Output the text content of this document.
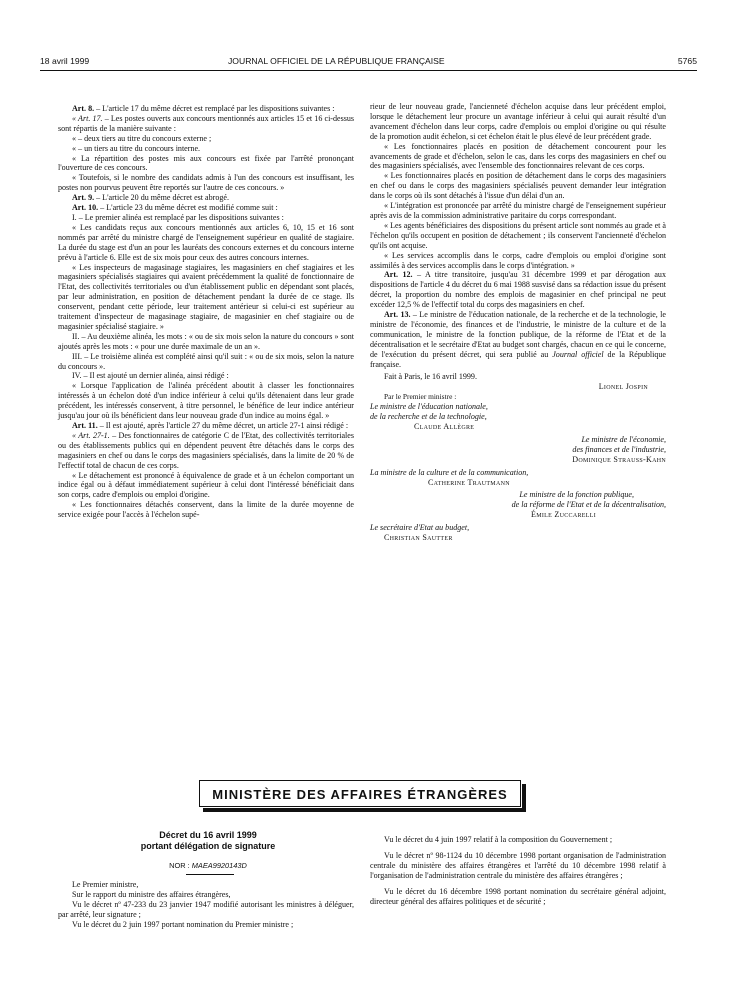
18 avril 1999	JOURNAL OFFICIEL DE LA RÉPUBLIQUE FRANÇAISE	5765

Art. 8. – L'article 17 du même décret est remplacé par les dispositions suivantes :

« Art. 17. – Les postes ouverts aux concours mentionnés aux articles 15 et 16 ci-dessus sont répartis de la manière suivante :

« – deux tiers au titre du concours externe ;

« – un tiers au titre du concours interne.

« La répartition des postes mis aux concours est fixée par l'arrêté prononçant l'ouverture de ces concours.

« Toutefois, si le nombre des candidats admis à l'un des concours est insuffisant, les postes non pourvus peuvent être reportés sur l'autre de ces concours. »

Art. 9. – L'article 20 du même décret est abrogé.

Art. 10. – L'article 23 du même décret est modifié comme suit :

I. – Le premier alinéa est remplacé par les dispositions suivantes :

« Les candidats reçus aux concours mentionnés aux articles 6, 10, 15 et 16 sont nommés par arrêté du ministre chargé de l'enseignement supérieur en qualité de stagiaire. La durée du stage est d'un an pour les lauréats des concours externes et du concours interne prévu à l'article 6. Elle est de six mois pour ceux des autres concours internes.

« Les inspecteurs de magasinage stagiaires, les magasiniers en chef stagiaires et les magasiniers spécialisés stagiaires qui avaient précédemment la qualité de fonctionnaire de l'Etat, des collectivités territoriales ou d'un établissement public en dépendant sont placés, par leur administration, en position de détachement pendant la durée de ce stage. Ils conservent, pendant cette période, leur traitement antérieur si celui-ci est supérieur au traitement d'inspecteur de magasinage stagiaire, de magasinier en chef stagiaire ou de magasinier spécialisé stagiaire. »

II. – Au deuxième alinéa, les mots : « ou de six mois selon la nature du concours » sont ajoutés après les mots : « pour une durée maximale de un an ».

III. – Le troisième alinéa est complété ainsi qu'il suit : « ou de six mois, selon la nature du concours ».

IV. – Il est ajouté un dernier alinéa, ainsi rédigé :

« Lorsque l'application de l'alinéa précédent aboutit à classer les fonctionnaires intéressés à un échelon doté d'un indice inférieur à celui qu'ils détenaient dans leur grade précédent, les intéressés conservent, à titre personnel, le bénéfice de leur indice antérieur jusqu'au jour où ils bénéficient dans leur nouveau grade d'un indice au moins égal. »

Art. 11. – Il est ajouté, après l'article 27 du même décret, un article 27-1 ainsi rédigé :

« Art. 27-1. – Des fonctionnaires de catégorie C de l'Etat, des collectivités territoriales ou des établissements publics qui en dépendent peuvent être détachés dans le corps des magasiniers en chef ou dans le corps des magasiniers spécialisés, dans la limite de 20 % de l'effectif total de chacun de ces corps.

« Le détachement est prononcé à équivalence de grade et à un échelon comportant un indice égal ou à défaut immédiatement supérieur à celui dont l'intéressé bénéficiait dans son corps, cadre d'emplois ou emploi d'origine.

« Les fonctionnaires détachés conservent, dans la limite de la durée moyenne de service exigée pour l'accès à l'échelon supé-

rieur de leur nouveau grade, l'ancienneté d'échelon acquise dans leur précédent emploi, lorsque le détachement leur procure un avantage inférieur à celui qui aurait résulté d'un avancement d'échelon dans leur corps, cadre d'emplois ou emploi d'origine ou qui résulte de la promotion audit échelon, si cet échelon était le plus élevé de leur précédent grade.

« Les fonctionnaires placés en position de détachement concourent pour les avancements de grade et d'échelon, selon le cas, dans les corps des magasiniers en chef ou des magasiniers spécialisés, avec l'ensemble des fonctionnaires relevant de ces corps.

« Les fonctionnaires placés en position de détachement dans le corps des magasiniers en chef ou dans le corps des magasiniers spécialisés peuvent demander leur intégration dans le corps où ils sont détachés à l'issue d'un délai d'un an.

« L'intégration est prononcée par arrêté du ministre chargé de l'enseignement supérieur après avis de la commission administrative paritaire du corps correspondant.

« Les agents bénéficiaires des dispositions du présent article sont nommés au grade et à l'échelon qu'ils occupent en position de détachement ; ils conservent l'ancienneté d'échelon qu'ils ont acquise.

« Les services accomplis dans le corps, cadre d'emplois ou emploi d'origine sont assimilés à des services accomplis dans le corps d'intégration. »

Art. 12. – A titre transitoire, jusqu'au 31 décembre 1999 et par dérogation aux dispositions de l'article 4 du décret du 6 mai 1988 susvisé dans sa rédaction issue du présent décret, la proportion du nombre des emplois de magasinier en chef principal ne peut excéder 12,5 % de l'effectif total du corps des magasiniers en chef.

Art. 13. – Le ministre de l'éducation nationale, de la recherche et de la technologie, le ministre de l'économie, des finances et de l'industrie, le ministre de la culture et de la communication, le ministre de la fonction publique, de la réforme de l'Etat et de la décentralisation et le secrétaire d'Etat au budget sont chargés, chacun en ce qui le concerne, de l'exécution du présent décret, qui sera publié au Journal officiel de la République française.

Fait à Paris, le 16 avril 1999.

Lionel Jospin

Par le Premier ministre :

Le ministre de l'éducation nationale,

de la recherche et de la technologie,

Claude Allègre

Le ministre de l'économie,

des finances et de l'industrie,

Dominique Strauss-Kahn

La ministre de la culture et de la communication,

Catherine Trautmann

Le ministre de la fonction publique,

de la réforme de l'Etat et de la décentralisation,

Émile Zuccarelli

Le secrétaire d'Etat au budget,

Christian Sautter

MINISTÈRE DES AFFAIRES ÉTRANGÈRES
Décret du 16 avril 1999
portant délégation de signature
NOR : MAEA9920143D

Le Premier ministre,

Sur le rapport du ministre des affaires étrangères,

Vu le décret nº 47-233 du 23 janvier 1947 modifié autorisant les ministres à déléguer, par arrêté, leur signature ;

Vu le décret du 2 juin 1997 portant nomination du Premier ministre ;

Vu le décret du 4 juin 1997 relatif à la composition du Gouvernement ;

Vu le décret nº 98-1124 du 10 décembre 1998 portant organisation de l'administration centrale du ministère des affaires étrangères et l'arrêté du 10 décembre 1998 relatif à l'organisation de l'administration centrale du ministère des affaires étrangères ;

Vu le décret du 16 décembre 1998 portant nomination du secrétaire général adjoint, directeur général des affaires politiques et de sécurité ;
